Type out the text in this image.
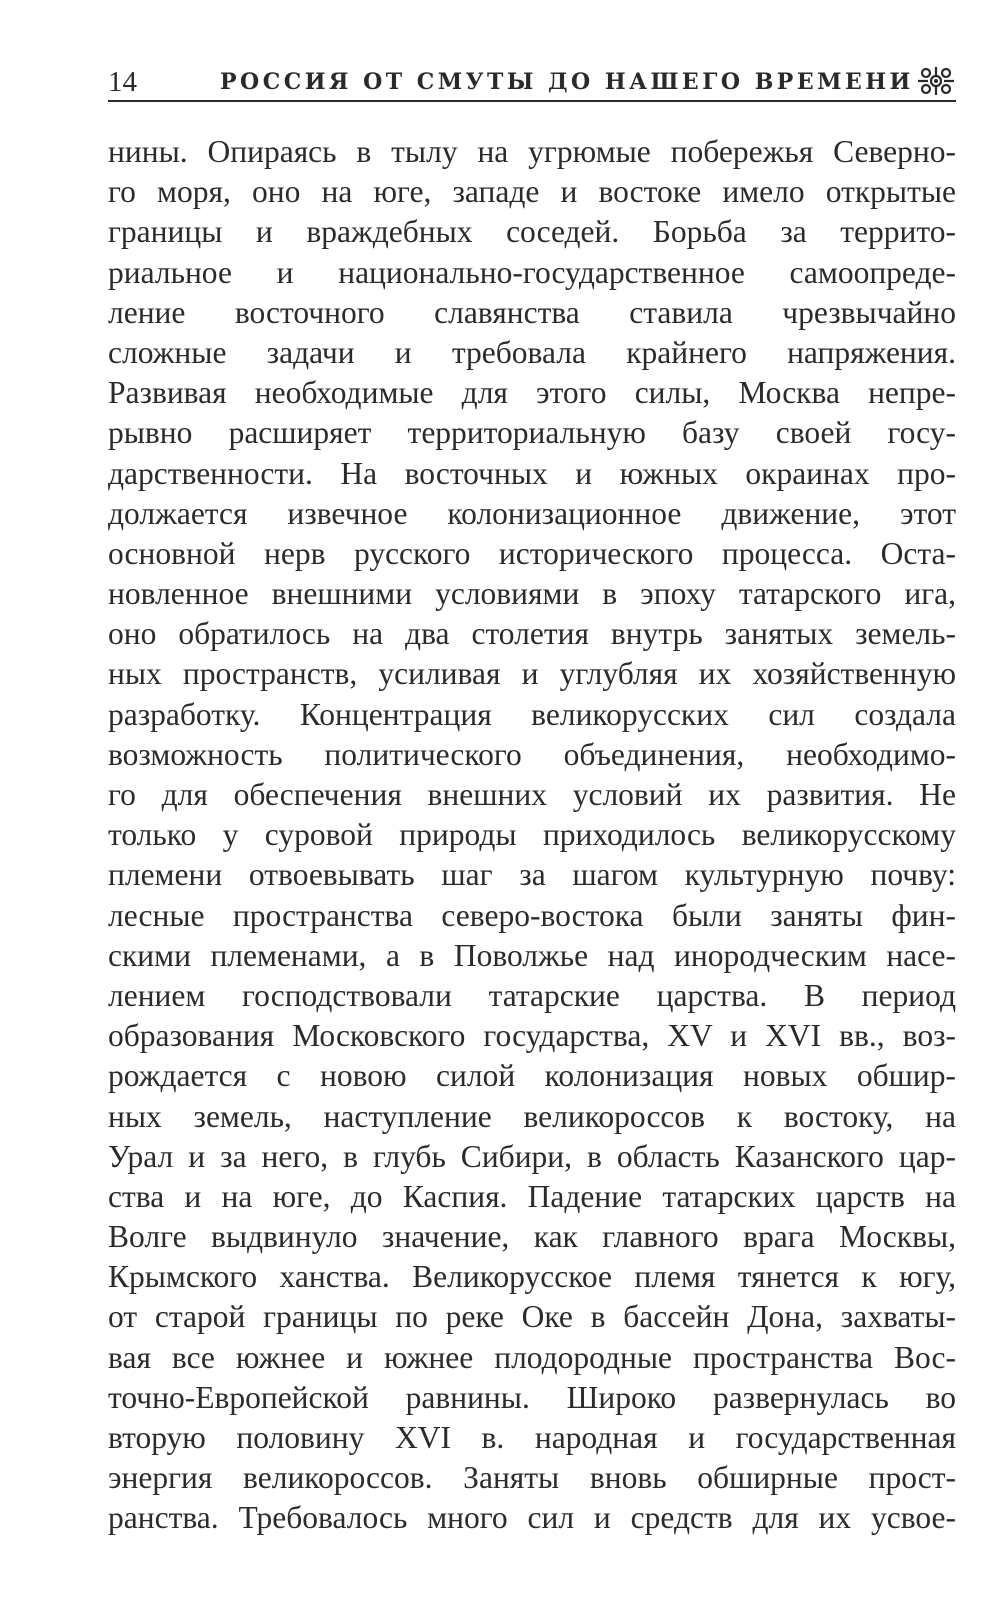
14	РОССИЯ ОТ СМУТЫ ДО НАШЕГО ВРЕМЕНИ
нины. Опираясь в тылу на угрюмые побережья Северно-
го моря, оно на юге, западе и востоке имело открытые
границы и враждебных соседей. Борьба за террито-
риальное и национально-государственное самоопреде-
ление восточного славянства ставила чрезвычайно
сложные задачи и требовала крайнего напряжения.
Развивая необходимые для этого силы, Москва непре-
рывно расширяет территориальную базу своей госу-
дарственности. На восточных и южных окраинах про-
должается извечное колонизационное движение, этот
основной нерв русского исторического процесса. Оста-
новленное внешними условиями в эпоху татарского ига,
оно обратилось на два столетия внутрь занятых земель-
ных пространств, усиливая и углубляя их хозяйственную
разработку. Концентрация великорусских сил создала
возможность политического объединения, необходимо-
го для обеспечения внешних условий их развития. Не
только у суровой природы приходилось великорусскому
племени отвоевывать шаг за шагом культурную почву:
лесные пространства северо-востока были заняты фин-
скими племенами, а в Поволжье над инородческим насе-
лением господствовали татарские царства. В период
образования Московского государства, XV и XVI вв., воз-
рождается с новою силой колонизация новых обшир-
ных земель, наступление великороссов к востоку, на
Урал и за него, в глубь Сибири, в область Казанского цар-
ства и на юге, до Каспия. Падение татарских царств на
Волге выдвинуло значение, как главного врага Москвы,
Крымского ханства. Великорусское племя тянется к югу,
от старой границы по реке Оке в бассейн Дона, захваты-
вая все южнее и южнее плодородные пространства Вос-
точно-Европейской равнины. Широко развернулась во
вторую половину XVI в. народная и государственная
энергия великороссов. Заняты вновь обширные прост-
ранства. Требовалось много сил и средств для их усвое-
